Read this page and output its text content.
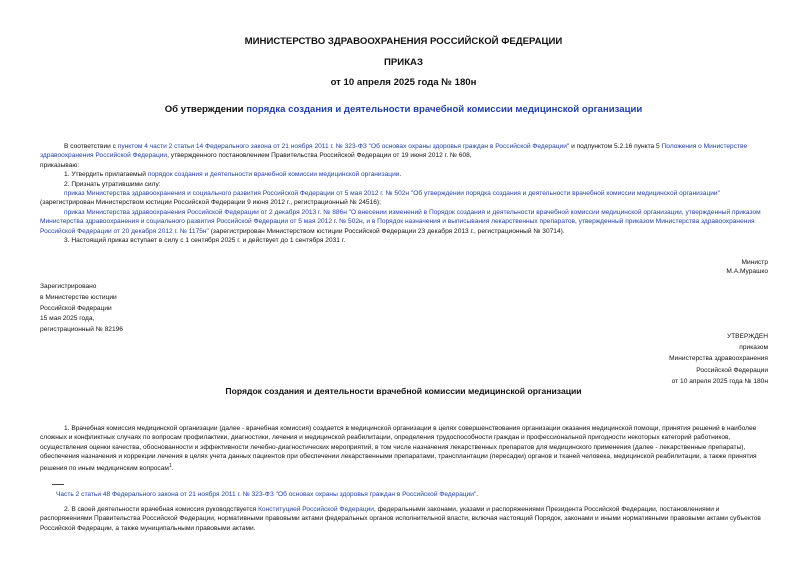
МИНИСТЕРСТВО ЗДРАВООХРАНЕНИЯ РОССИЙСКОЙ ФЕДЕРАЦИИ
ПРИКАЗ
от 10 апреля 2025 года № 180н
Об утверждении порядка создания и деятельности врачебной комиссии медицинской организации

В соответствии с пунктом 4 части 2 статьи 14 Федерального закона от 21 ноября 2011 г. № 323-ФЗ "Об основах охраны здоровья граждан в Российской Федерации" и подпунктом 5.2.16 пункта 5 Положения о Министерстве здравоохранения Российской Федерации, утвержденного постановлением Правительства Российской Федерации от 19 июня 2012 г. № 608,

приказываю:

1. Утвердить прилагаемый порядок создания и деятельности врачебной комиссии медицинской организации.

2. Признать утратившими силу:

приказ Министерства здравоохранения и социального развития Российской Федерации от 5 мая 2012 г. № 502н "Об утверждении порядка создания и деятельности врачебной комиссии медицинской организации"

(зарегистрирован Министерством юстиции Российской Федерации 9 июня 2012 г., регистрационный № 24516);

приказ Министерства здравоохранения Российской Федерации от 2 декабря 2013 г. № 886н "О внесении изменений в Порядок создания и деятельности врачебной комиссии медицинской организации, утвержденный приказом Министерства здравоохранения и социального развития Российской Федерации от 5 мая 2012 г. № 502н, и в Порядок назначения и выписывания лекарственных препаратов, утвержденный приказом Министерства здравоохранения Российской Федерации от 20 декабря 2012 г. № 1175н" (зарегистрирован Министерством юстиции Российской Федерации 23 декабря 2013 г., регистрационный № 30714).

3. Настоящий приказ вступает в силу с 1 сентября 2025 г. и действует до 1 сентября 2031 г.

Министр

М.А.Мурашко

Зарегистрировано

в Министерстве юстиции

Российской Федерации

15 мая 2025 года,

регистрационный № 82196

УТВЕРЖДЕН

приказом

Министерства здравоохранения

Российской Федерации

от 10 апреля 2025 года № 180н

Порядок создания и деятельности врачебной комиссии медицинской организации

1. Врачебная комиссия медицинской организации (далее - врачебная комиссия) создается в медицинской организации в целях совершенствования организации оказания медицинской помощи, принятия решений в наиболее сложных и конфликтных случаях по вопросам профилактики, диагностики, лечения и медицинской реабилитации, определения трудоспособности граждан и профессиональной пригодности некоторых категорий работников, осуществления оценки качества, обоснованности и эффективности лечебно-диагностических мероприятий, в том числе назначения лекарственных препаратов для медицинского применения (далее - лекарственные препараты), обеспечения назначения и коррекции лечения в целях учета данных пациентов при обеспечении лекарственными препаратами, трансплантации (пересадки) органов и тканей человека, медицинской реабилитации, а также принятия решения по иным медицинским вопросам$^1$.

Часть 2 статьи 48 Федерального закона от 21 ноября 2011 г. № 323-ФЗ "Об основах охраны здоровья граждан в Российской Федерации".

2. В своей деятельности врачебная комиссия руководствуется Конституцией Российской Федерации, федеральными законами, указами и распоряжениями Президента Российской Федерации, постановлениями и распоряжениями Правительства Российской Федерации, нормативными правовыми актами федеральных органов исполнительной власти, включая настоящий Порядок, законами и иными нормативными правовыми актами субъектов Российской Федерации, а также муниципальными правовыми актами.
